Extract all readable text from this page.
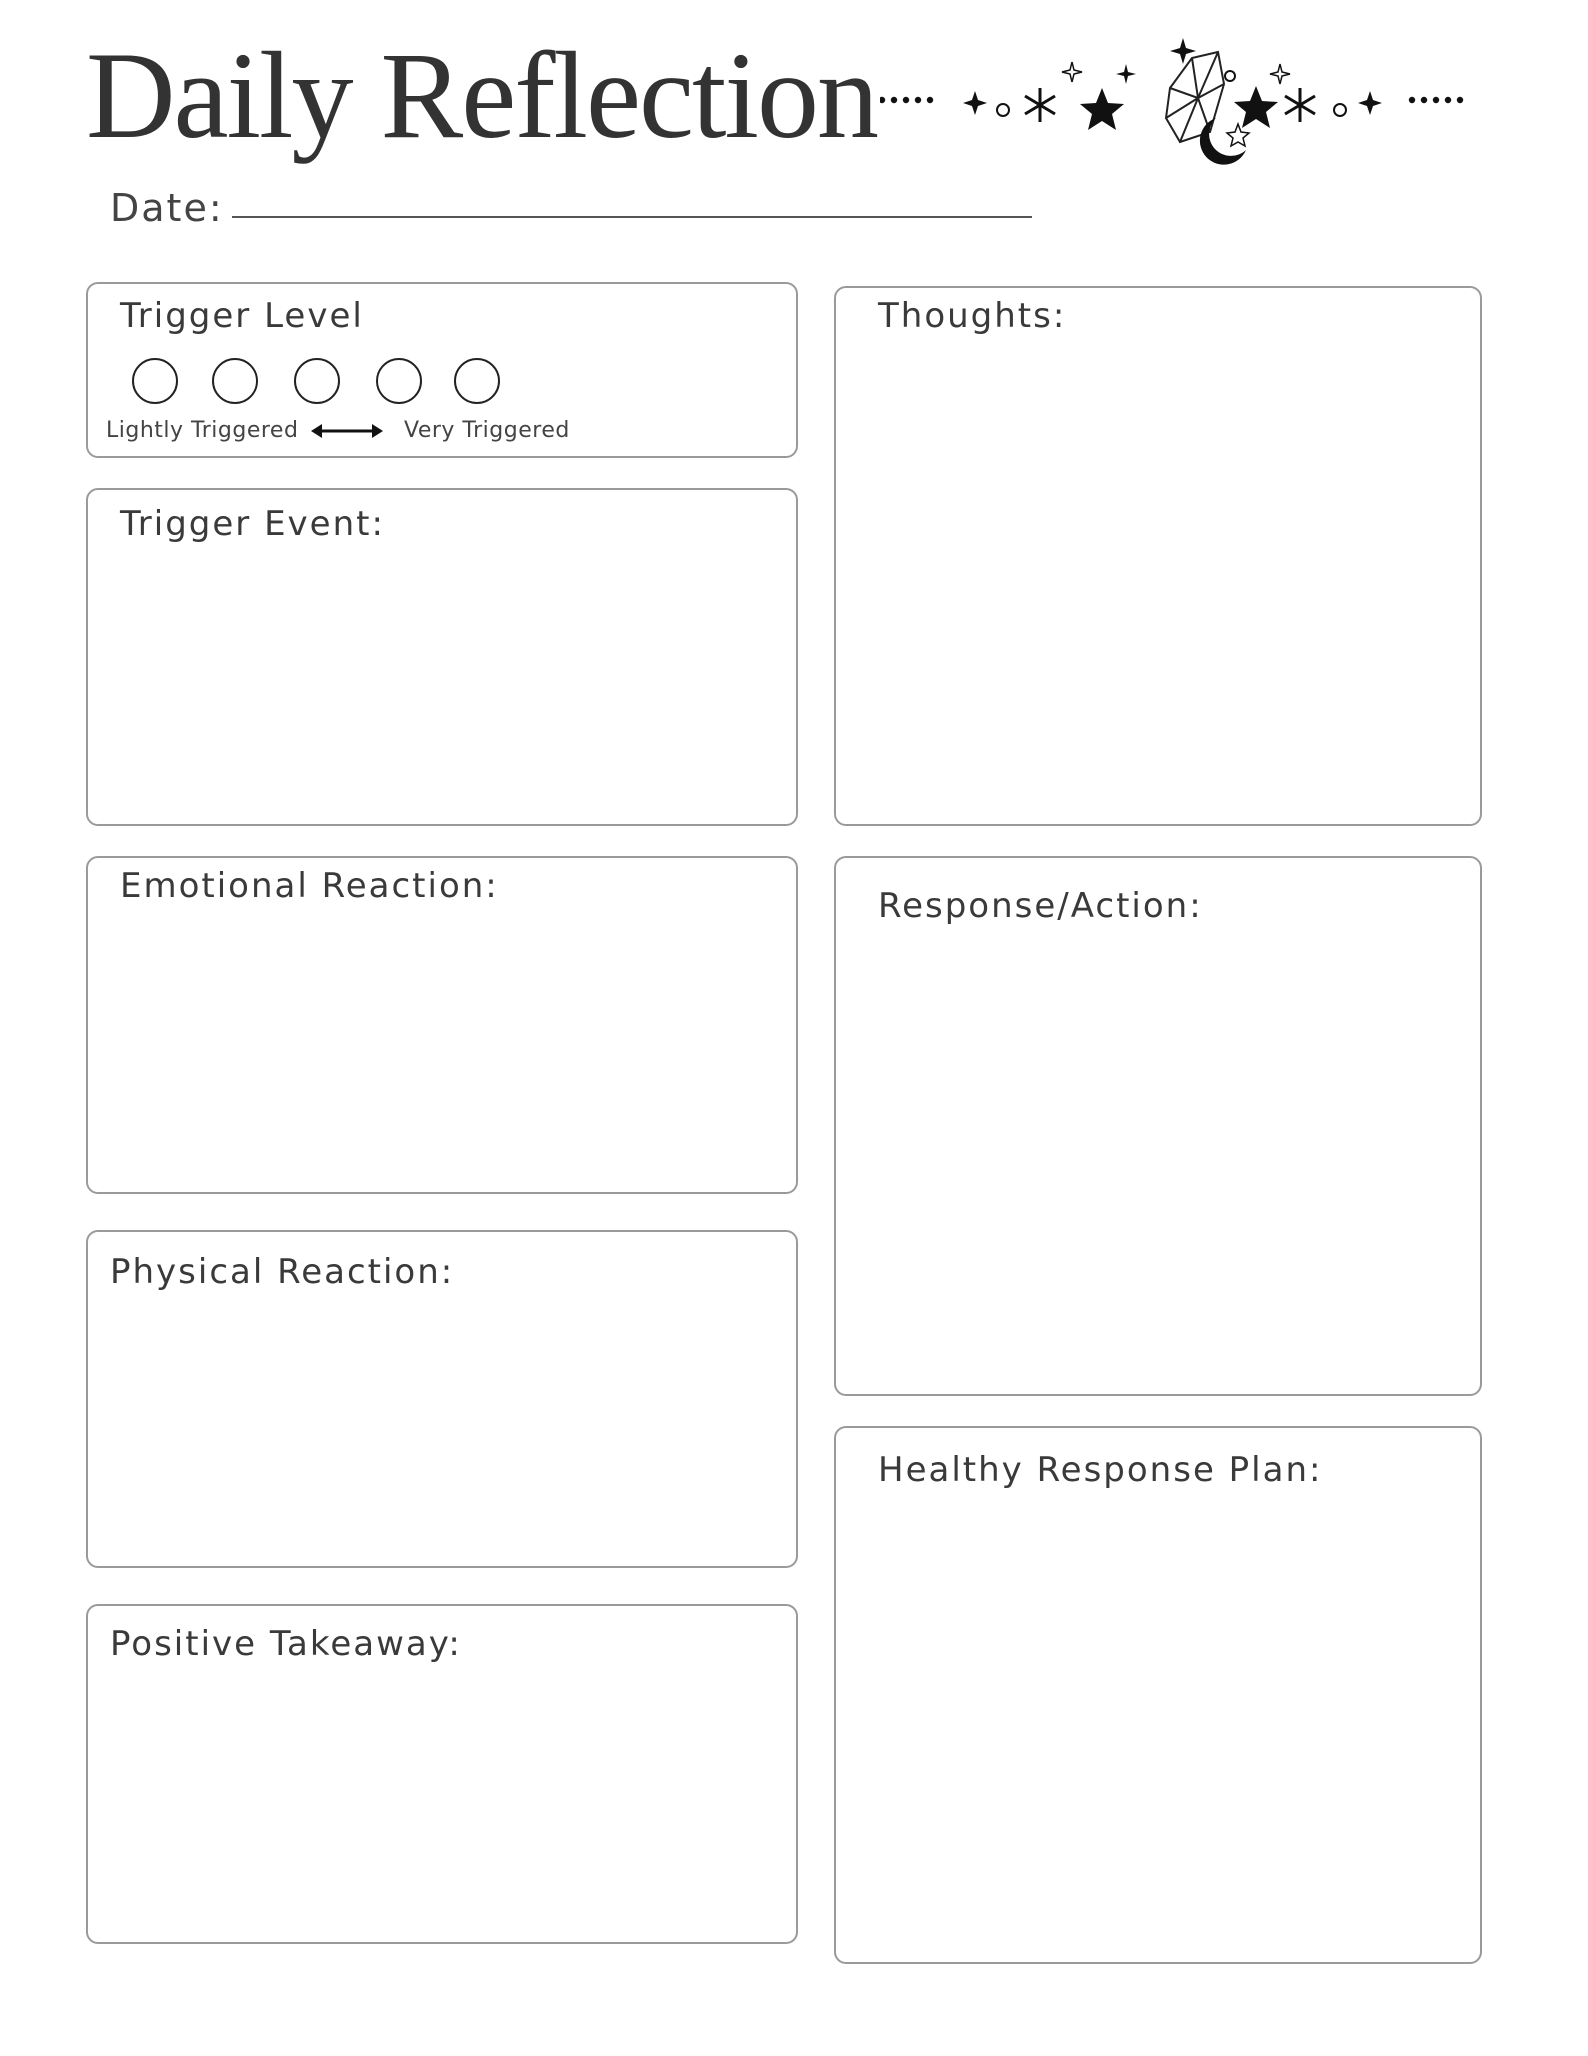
Daily Reflection
Date:
Trigger Level
Lightly Triggered	Very Triggered
Trigger Event:
Emotional Reaction:
Physical Reaction:
Positive Takeaway:
Thoughts:
Response/Action:
Healthy Response Plan:
